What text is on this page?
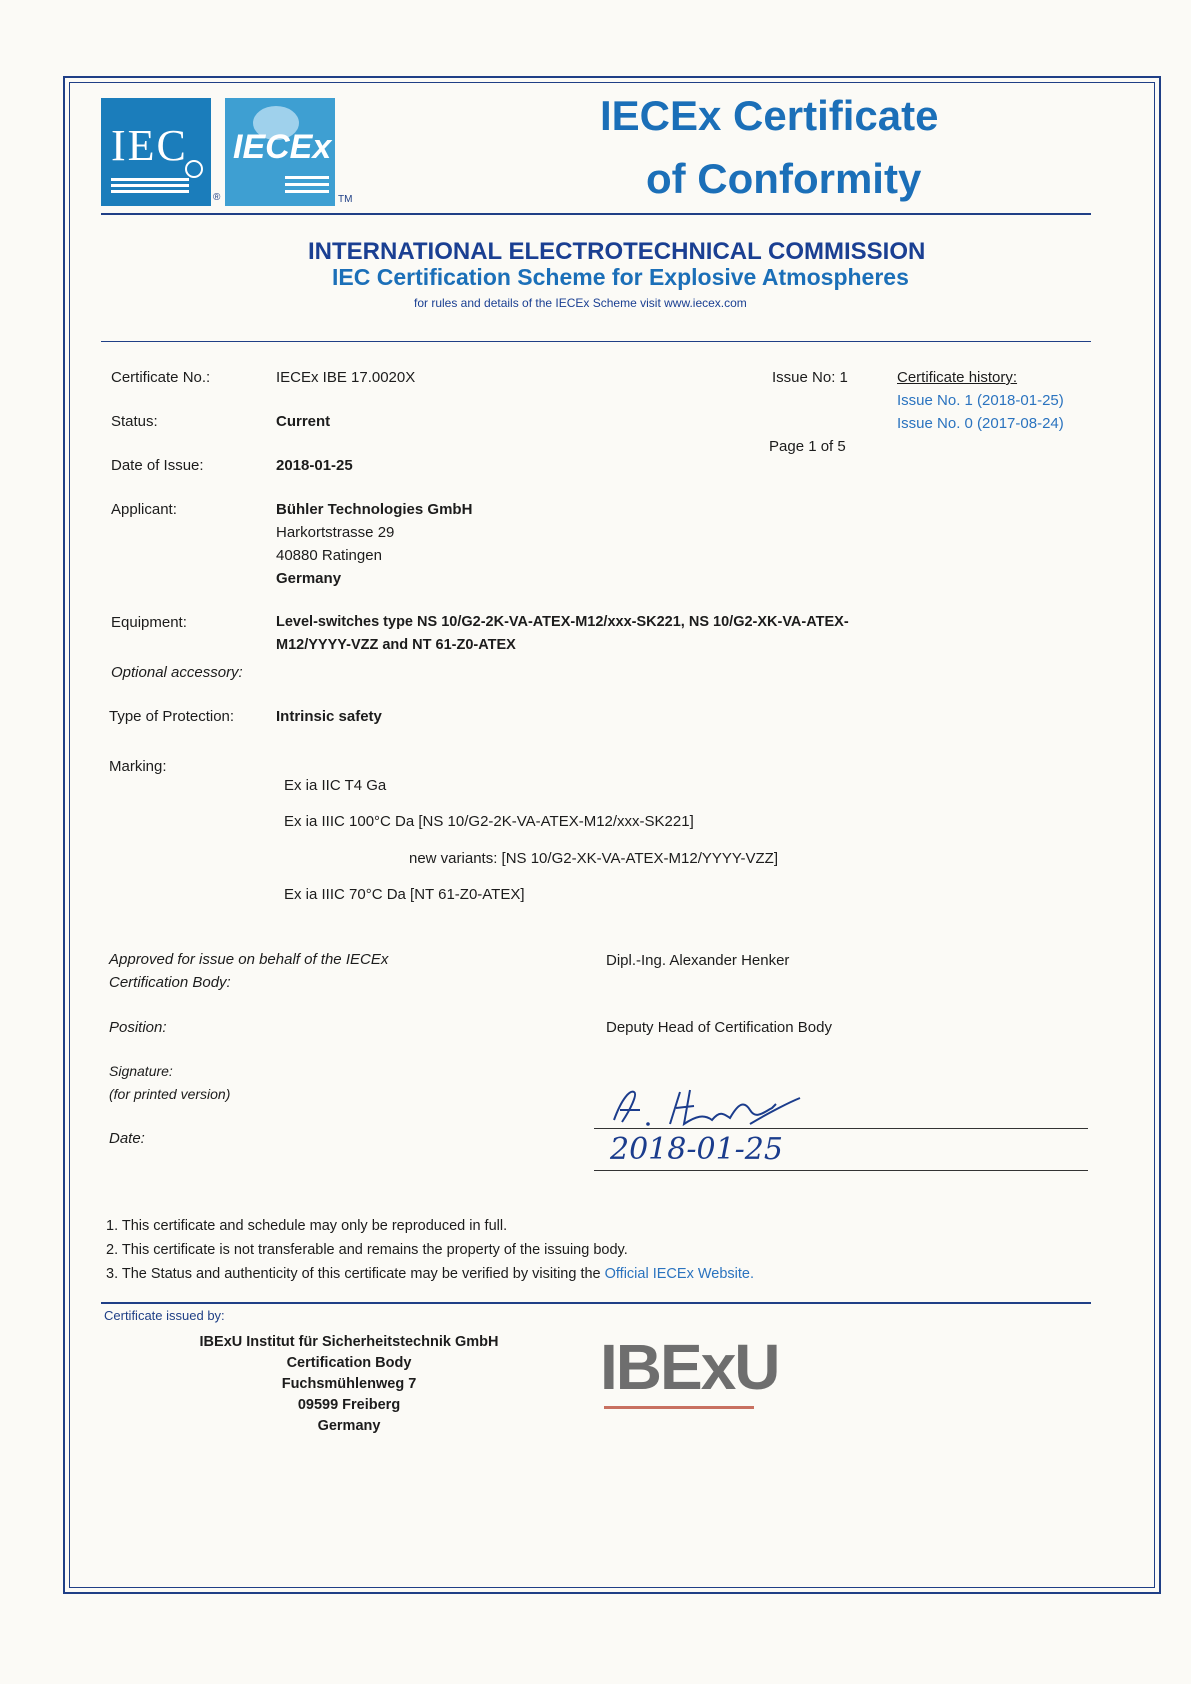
IEC
®
IECEx
TM
IECEx Certificate
of Conformity
INTERNATIONAL ELECTROTECHNICAL COMMISSION
IEC Certification Scheme for Explosive Atmospheres
for rules and details of the IECEx Scheme visit www.iecex.com
Certificate No.:	IECEx IBE 17.0020X	Issue No: 1	Certificate history:
Issue No. 1 (2018-01-25)
Issue No. 0 (2017-08-24)
Status:	Current
Page 1 of 5
Date of Issue:	2018-01-25
Applicant:	Bühler Technologies GmbH
Harkortstrasse 29
40880 Ratingen
Germany
Equipment:	Level-switches type NS 10/G2-2K-VA-ATEX-M12/xxx-SK221, NS 10/G2-XK-VA-ATEX-
M12/YYYY-VZZ and NT 61-Z0-ATEX
Optional accessory:
Type of Protection:	Intrinsic safety
Marking:
Ex ia IIC T4 Ga
Ex ia IIIC 100°C Da [NS 10/G2-2K-VA-ATEX-M12/xxx-SK221]
new variants: [NS 10/G2-XK-VA-ATEX-M12/YYYY-VZZ]
Ex ia IIIC 70°C Da [NT 61-Z0-ATEX]
Approved for issue on behalf of the IECEx
Certification Body:
Dipl.-Ing. Alexander Henker
Position:	Deputy Head of Certification Body
Signature:
(for printed version)
Date:	2018-01-25
1. This certificate and schedule may only be reproduced in full.
2. This certificate is not transferable and remains the property of the issuing body.
3. The Status and authenticity of this certificate may be verified by visiting the Official IECEx Website.
Certificate issued by:
IBExU Institut für Sicherheitstechnik GmbH
Certification Body
Fuchsmühlenweg 7
09599 Freiberg
Germany
IBExU
